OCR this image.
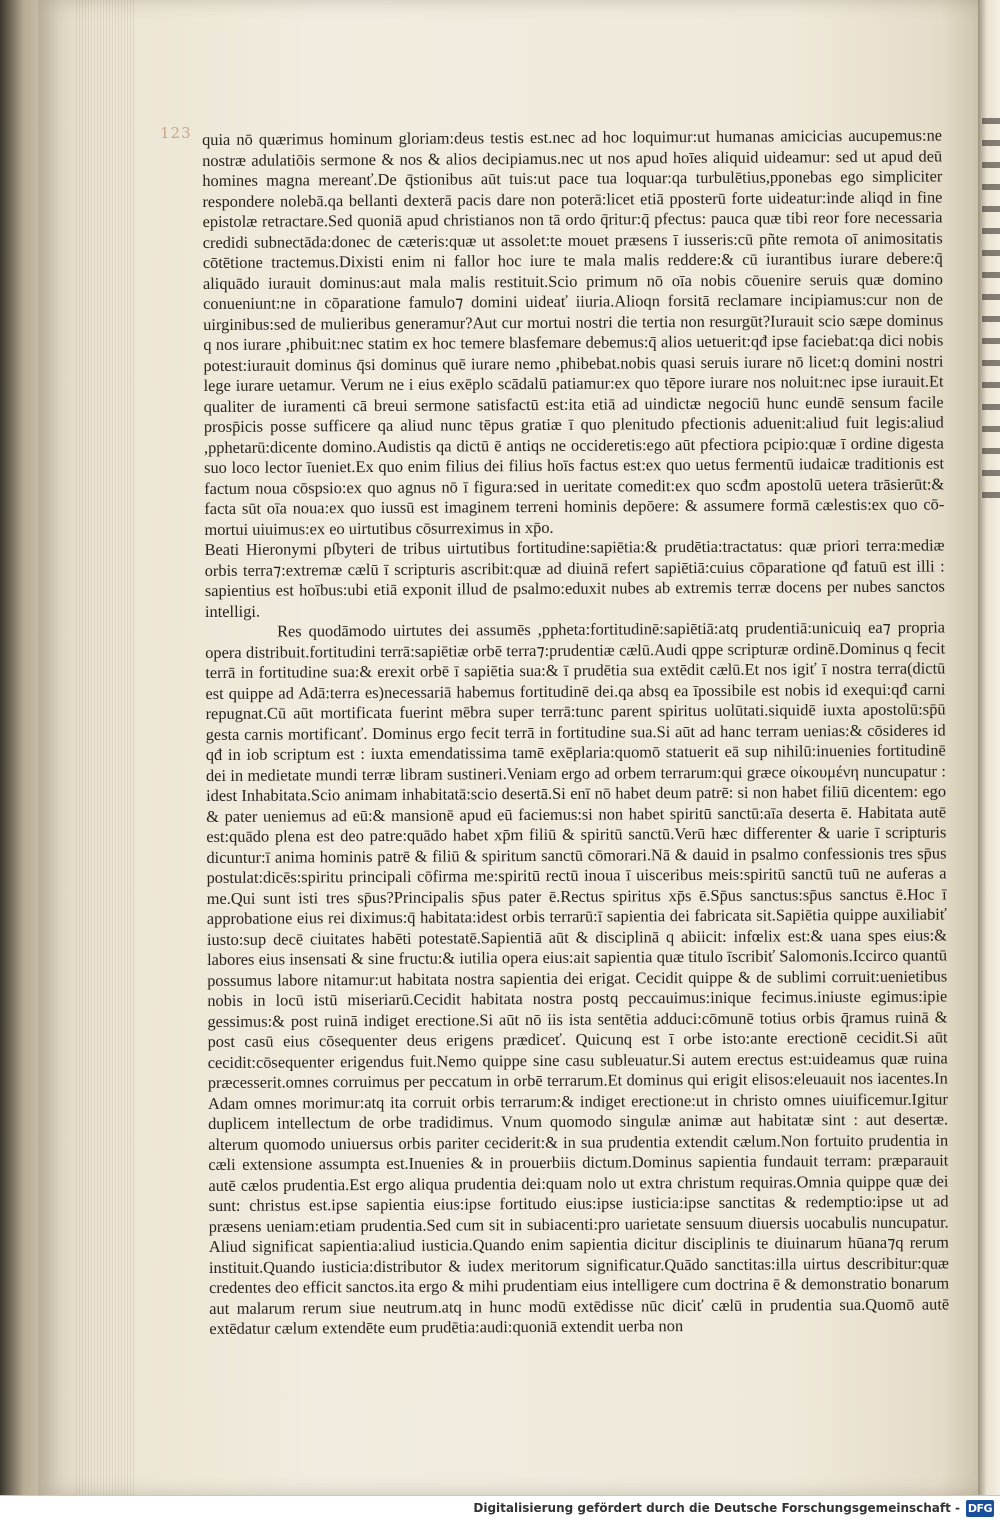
123 quia nō quærimus hominum gloriam:deus testis est.nec ad hoc loquimur:ut humanas amicicias aucupemus:ne nostræ adulatiōis sermone & nos & alios decipiamus.nec ut nos apud hoīes aliquid uideamur: sed ut apud deū homines magna mereanť.De q̄stionibus aūt tuis:ut pace tua loquar:qa turbulētius,pponebas ego simpliciter respondere nolebā.qa bellanti dexterā pacis dare non poterā:licet etiā pposterū forte uideatur:inde aliqd in fine epistolæ retractare.Sed quoniā apud christianos non tā ordo q̄ritur:q̄ pfectus: pauca quæ tibi reor fore necessaria credidi subnectāda:donec de cæteris:quæ ut assolet:te mouet præsens ī iusseris:cū pñte remota oī animositatis cōtētione tractemus.Dixisti enim ni fallor hoc iure te mala malis reddere:& cū iurantibus iurare debere:q̄ aliquādo iurauit dominus:aut mala malis restituit.Scio primum nō oīa nobis cōuenire seruis quæ domino conueniunt:ne in cōparatione famulo⁊ domini uideať iiuria.Alioqn forsitā reclamare incipiamus:cur non de uirginibus:sed de mulieribus generamur?Aut cur mortui nostri die tertia non resurgūt?Iurauit scio sæpe dominus q nos iurare ,phibuit:nec statim ex hoc temere blasfemare debemus:q̄ alios uetuerit:qđ ipse faciebat:qa dici nobis potest:iurauit dominus q̄si dominus quē iurare nemo ,phibebat.nobis quasi seruis iurare nō licet:q domini nostri lege iurare uetamur. Verum ne i eius exēplo scādalū patiamur:ex quo tēpore iurare nos noluit:nec ipse iurauit.Et qualiter de iuramenti cā breui sermone satisfactū est:ita etiā ad uindictæ negociū hunc eundē sensum facile prosp̄icis posse sufficere qa aliud nunc tēpus gratiæ ī quo plenitudo pfectionis aduenit:aliud fuit legis:aliud ,pphetarū:dicente domino.Audistis qa dictū ē antiqs ne occideretis:ego aūt pfectiora pcipio:quæ ī ordine digesta suo loco lector īueniet.Ex quo enim filius dei filius hoīs factus est:ex quo uetus fermentū iudaicæ traditionis est factum noua cōspsio:ex quo agnus nō ī figura:sed in ueritate comedit:ex quo scđm apostolū uetera trāsierūt:& facta sūt oīa noua:ex quo iussū est imaginem terreni hominis depōere: & assumere formā cælestis:ex quo cōmortui uiuimus:ex eo uirtutibus cōsurreximus in xp̄o.

Beati Hieronymi pſbyteri de tribus uirtutibus fortitudine:sapiētia:& prudētia:tractatus: quæ priori terra:mediæ orbis terra⁊:extremæ cælū ī scripturis ascribit:quæ ad diuinā refert sapiētiā:cuius cōparatione qđ fatuū est illi : sapientius est hoībus:ubi etiā exponit illud de psalmo:eduxit nubes ab extremis terræ docens per nubes sanctos intelligi.

Res quodāmodo uirtutes dei assumēs ,ppheta:fortitudinē:sapiētiā:atq prudentiā:unicuiq ea⁊ propria opera distribuit.fortitudini terrā:sapiētiæ orbē terra⁊:prudentiæ cælū.Audi qppe scripturæ ordinē.Dominus q fecit terrā in fortitudine sua:& erexit orbē ī sapiētia sua:& ī prudētia sua extēdit cælū.Et nos igiť ī nostra terra(dictū est quippe ad Adā:terra es)necessariā habemus fortitudinē dei.qa absq ea īpossibile est nobis id exequi:qđ carni repugnat.Cū aūt mortificata fuerint mēbra super terrā:tunc parent spiritus uolūtati.siquidē iuxta apostolū:sp̄ū gesta carnis mortificanť. Dominus ergo fecit terrā in fortitudine sua.Si aūt ad hanc terram uenias:& cōsideres id qđ in iob scriptum est : iuxta emendatissima tamē exēplaria:quomō statuerit eā sup nihilū:inuenies fortitudinē dei in medietate mundi terræ libram sustineri.Veniam ergo ad orbem terrarum:qui græce οἰκουμένη nuncupatur : idest Inhabitata.Scio animam inhabitatā:scio desertā.Si enī nō habet deum patrē: si non habet filiū dicentem: ego & pater ueniemus ad eū:& mansionē apud eū faciemus:si non habet spiritū sanctū:aīa deserta ē. Habitata autē est:quādo plena est deo patre:quādo habet xp̄m filiū & spiritū sanctū.Verū hæc differenter & uarie ī scripturis dicuntur:ī anima hominis patrē & filiū & spiritum sanctū cōmorari.Nā & dauid in psalmo confessionis tres sp̄us postulat:dicēs:spiritu principali cōfirma me:spiritū rectū inoua ī uisceribus meis:spiritū sanctū tuū ne auferas a me.Qui sunt isti tres sp̄us?Principalis sp̄us pater ē.Rectus spiritus xp̄s ē.Sp̄us sanctus:sp̄us sanctus ē.Hoc ī approbatione eius rei diximus:q̄ habitata:idest orbis terrarū:ī sapientia dei fabricata sit.Sapiētia quippe auxiliabiť iusto:sup decē ciuitates habēti potestatē.Sapientiā aūt & disciplinā q abiicit: infœlix est:& uana spes eius:& labores eius insensati & sine fructu:& iutilia opera eius:ait sapientia quæ titulo īscribiť Salomonis.Iccirco quantū possumus labore nitamur:ut habitata nostra sapientia dei erigat. Cecidit quippe & de sublimi corruit:uenietibus nobis in locū istū miseriarū.Cecidit habitata nostra postq peccauimus:inique fecimus.iniuste egimus:ipie gessimus:& post ruinā indiget erectione.Si aūt nō iis ista sentētia adduci:cōmunē totius orbis q̄ramus ruinā & post casū eius cōsequenter deus erigens prædiceť. Quicunq est ī orbe isto:ante erectionē cecidit.Si aūt cecidit:cōsequenter erigendus fuit.Nemo quippe sine casu subleuatur.Si autem erectus est:uideamus quæ ruina præcesserit.omnes corruimus per peccatum in orbē terrarum.Et dominus qui erigit elisos:eleuauit nos iacentes.In Adam omnes morimur:atq ita corruit orbis terrarum:& indiget erectione:ut in christo omnes uiuificemur.Igitur duplicem intellectum de orbe tradidimus. Vnum quomodo singulæ animæ aut habitatæ sint : aut desertæ. alterum quomodo uniuersus orbis pariter ceciderit:& in sua prudentia extendit cælum.Non fortuito prudentia in cæli extensione assumpta est.Inuenies & in prouerbiis dictum.Dominus sapientia fundauit terram: præparauit autē cælos prudentia.Est ergo aliqua prudentia dei:quam nolo ut extra christum requiras.Omnia quippe quæ dei sunt: christus est.ipse sapientia eius:ipse fortitudo eius:ipse iusticia:ipse sanctitas & redemptio:ipse ut ad præsens ueniam:etiam prudentia.Sed cum sit in subiacenti:pro uarietate sensuum diuersis uocabulis nuncupatur. Aliud significat sapientia:aliud iusticia.Quando enim sapientia dicitur disciplinis te diuinarum hūana⁊q rerum instituit.Quando iusticia:distributor & iudex meritorum significatur.Quādo sanctitas:illa uirtus describitur:quæ credentes deo efficit sanctos.ita ergo & mihi prudentiam eius intelligere cum doctrina ē & demonstratio bonarum aut malarum rerum siue neutrum.atq in hunc modū extēdisse nūc diciť cælū in prudentia sua.Quomō autē extēdatur cælum extendēte eum prudētia:audi:quoniā extendit uerba non

Digitalisierung gefördert durch die Deutsche Forschungsgemeinschaft - DFG
